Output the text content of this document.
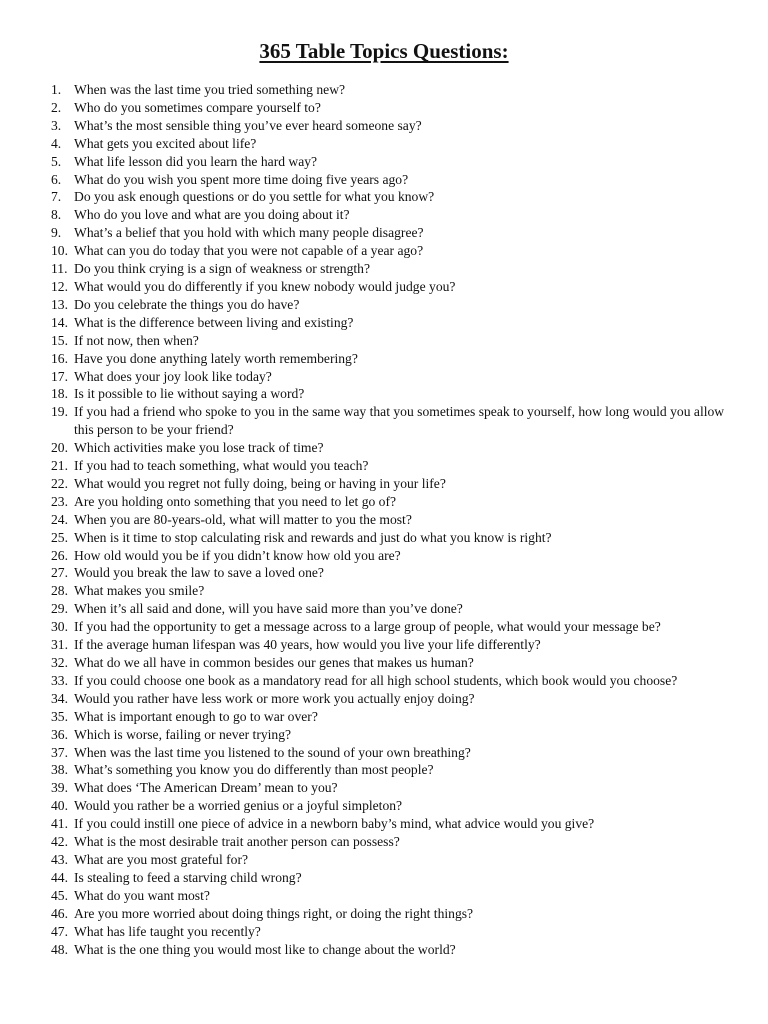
365 Table Topics Questions:
1. When was the last time you tried something new?
2. Who do you sometimes compare yourself to?
3. What’s the most sensible thing you’ve ever heard someone say?
4. What gets you excited about life?
5. What life lesson did you learn the hard way?
6. What do you wish you spent more time doing five years ago?
7. Do you ask enough questions or do you settle for what you know?
8. Who do you love and what are you doing about it?
9. What’s a belief that you hold with which many people disagree?
10. What can you do today that you were not capable of a year ago?
11. Do you think crying is a sign of weakness or strength?
12. What would you do differently if you knew nobody would judge you?
13. Do you celebrate the things you do have?
14. What is the difference between living and existing?
15. If not now, then when?
16. Have you done anything lately worth remembering?
17. What does your joy look like today?
18. Is it possible to lie without saying a word?
19. If you had a friend who spoke to you in the same way that you sometimes speak to yourself, how long would you allow this person to be your friend?
20. Which activities make you lose track of time?
21. If you had to teach something, what would you teach?
22. What would you regret not fully doing, being or having in your life?
23. Are you holding onto something that you need to let go of?
24. When you are 80-years-old, what will matter to you the most?
25. When is it time to stop calculating risk and rewards and just do what you know is right?
26. How old would you be if you didn’t know how old you are?
27. Would you break the law to save a loved one?
28. What makes you smile?
29. When it’s all said and done, will you have said more than you’ve done?
30. If you had the opportunity to get a message across to a large group of people, what would your message be?
31. If the average human lifespan was 40 years, how would you live your life differently?
32. What do we all have in common besides our genes that makes us human?
33. If you could choose one book as a mandatory read for all high school students, which book would you choose?
34. Would you rather have less work or more work you actually enjoy doing?
35. What is important enough to go to war over?
36. Which is worse, failing or never trying?
37. When was the last time you listened to the sound of your own breathing?
38. What’s something you know you do differently than most people?
39. What does ‘The American Dream’ mean to you?
40. Would you rather be a worried genius or a joyful simpleton?
41. If you could instill one piece of advice in a newborn baby’s mind, what advice would you give?
42. What is the most desirable trait another person can possess?
43. What are you most grateful for?
44. Is stealing to feed a starving child wrong?
45. What do you want most?
46. Are you more worried about doing things right, or doing the right things?
47. What has life taught you recently?
48. What is the one thing you would most like to change about the world?
